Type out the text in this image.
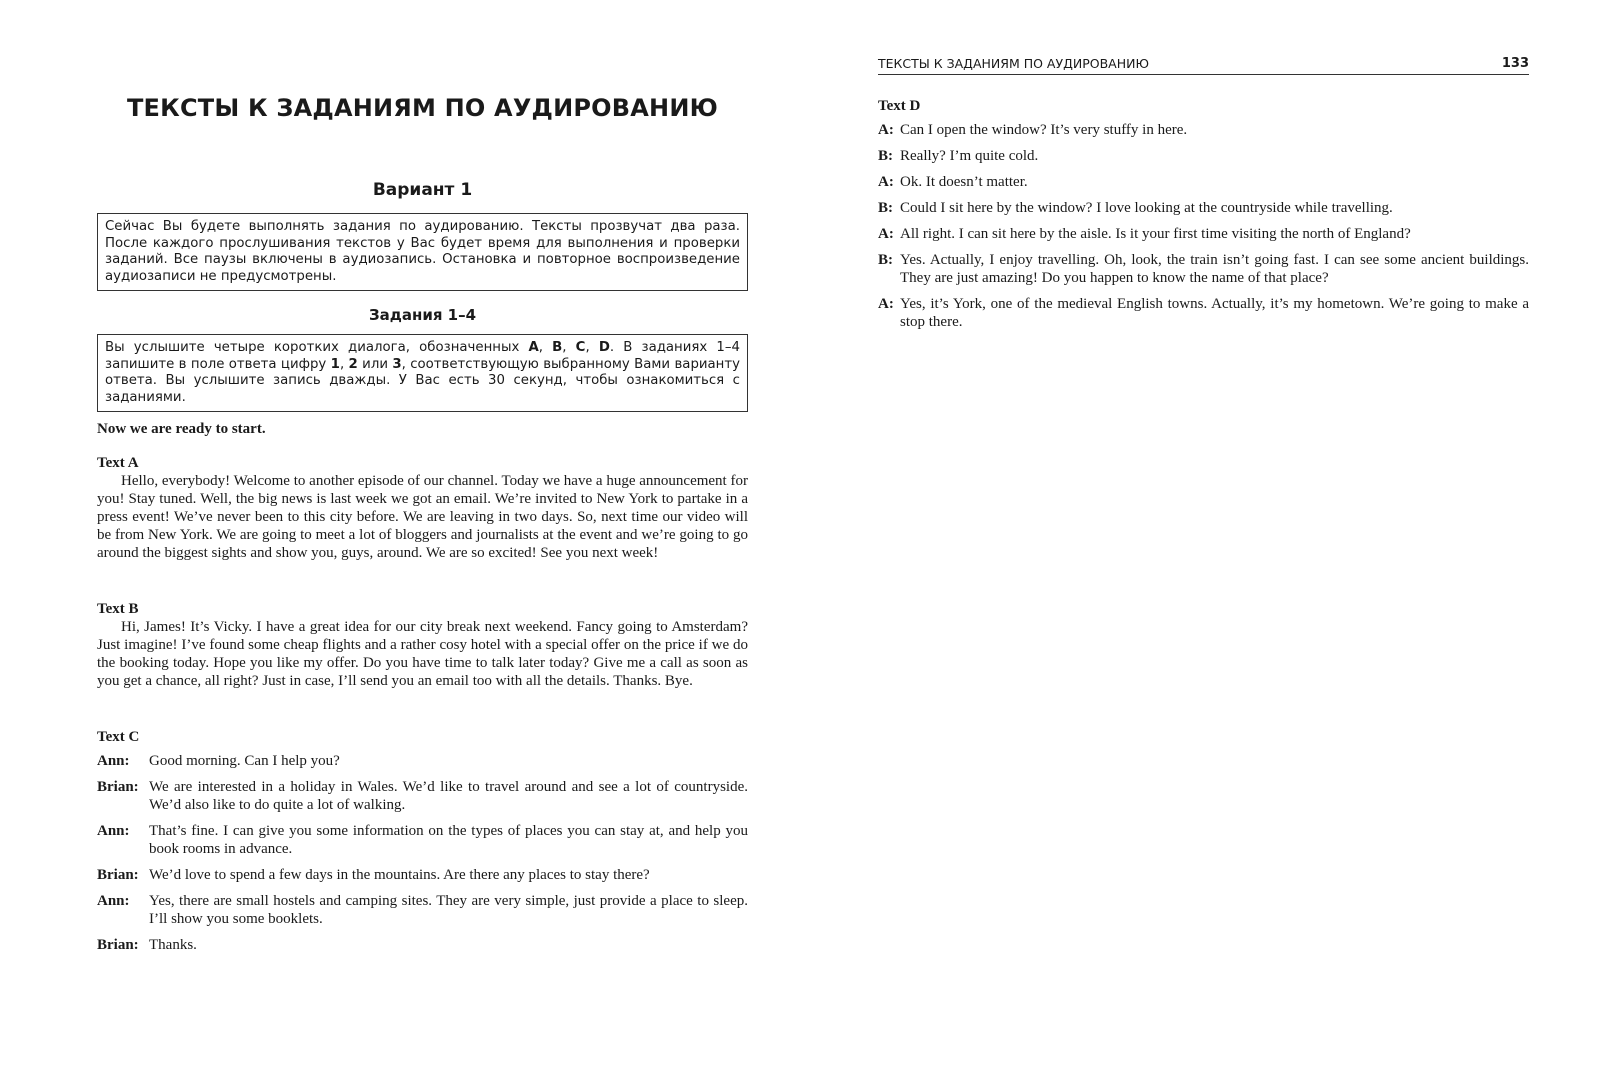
ТЕКСТЫ К ЗАДАНИЯМ ПО АУДИРОВАНИЮ
Вариант 1
Сейчас Вы будете выполнять задания по аудированию. Тексты прозвучат два раза. После каждого прослушивания текстов у Вас будет время для выполнения и проверки заданий. Все паузы включены в аудиозапись. Остановка и повторное воспроизведение аудиозаписи не предусмотрены.
Задания 1–4
Вы услышите четыре коротких диалога, обозначенных A, B, C, D. В заданиях 1–4 запишите в поле ответа цифру 1, 2 или 3, соответствующую выбранному Вами варианту ответа. Вы услышите запись дважды. У Вас есть 30 секунд, чтобы ознакомиться с заданиями.
Now we are ready to start.
Text A

Hello, everybody! Welcome to another episode of our channel. Today we have a huge announcement for you! Stay tuned. Well, the big news is last week we got an email. We’re invited to New York to partake in a press event! We’ve never been to this city before. We are leaving in two days. So, next time our video will be from New York. We are going to meet a lot of bloggers and journalists at the event and we’re going to go around the biggest sights and show you, guys, around. We are so excited! See you next week!

Text B

Hi, James! It’s Vicky. I have a great idea for our city break next weekend. Fancy going to Amsterdam? Just imagine! I’ve found some cheap flights and a rather cosy hotel with a special offer on the price if we do the booking today. Hope you like my offer. Do you have time to talk later today? Give me a call as soon as you get a chance, all right? Just in case, I’ll send you an email too with all the details. Thanks. Bye.

Text C
Ann:	Good morning. Can I help you?
Brian: We are interested in a holiday in Wales. We’d like to travel around and see a lot of countryside. We’d also like to do quite a lot of walking.
Ann:	That’s fine. I can give you some information on the types of places you can stay at, and help you book rooms in advance.
Brian: We’d love to spend a few days in the mountains. Are there any places to stay there?
Ann:	Yes, there are small hostels and camping sites. They are very simple, just provide a place to sleep. I’ll show you some booklets.
Brian: Thanks.
ТЕКСТЫ К ЗАДАНИЯМ ПО АУДИРОВАНИЮ	133
Text D
A: Can I open the window? It’s very stuffy in here.
B: Really? I’m quite cold.
A: Ok. It doesn’t matter.
B: Could I sit here by the window? I love looking at the countryside while travelling.
A: All right. I can sit here by the aisle. Is it your first time visiting the north of England?
B: Yes. Actually, I enjoy travelling. Oh, look, the train isn’t going fast. I can see some ancient buildings. They are just amazing! Do you happen to know the name of that place?
A: Yes, it’s York, one of the medieval English towns. Actually, it’s my hometown. We’re going to make a stop there.
